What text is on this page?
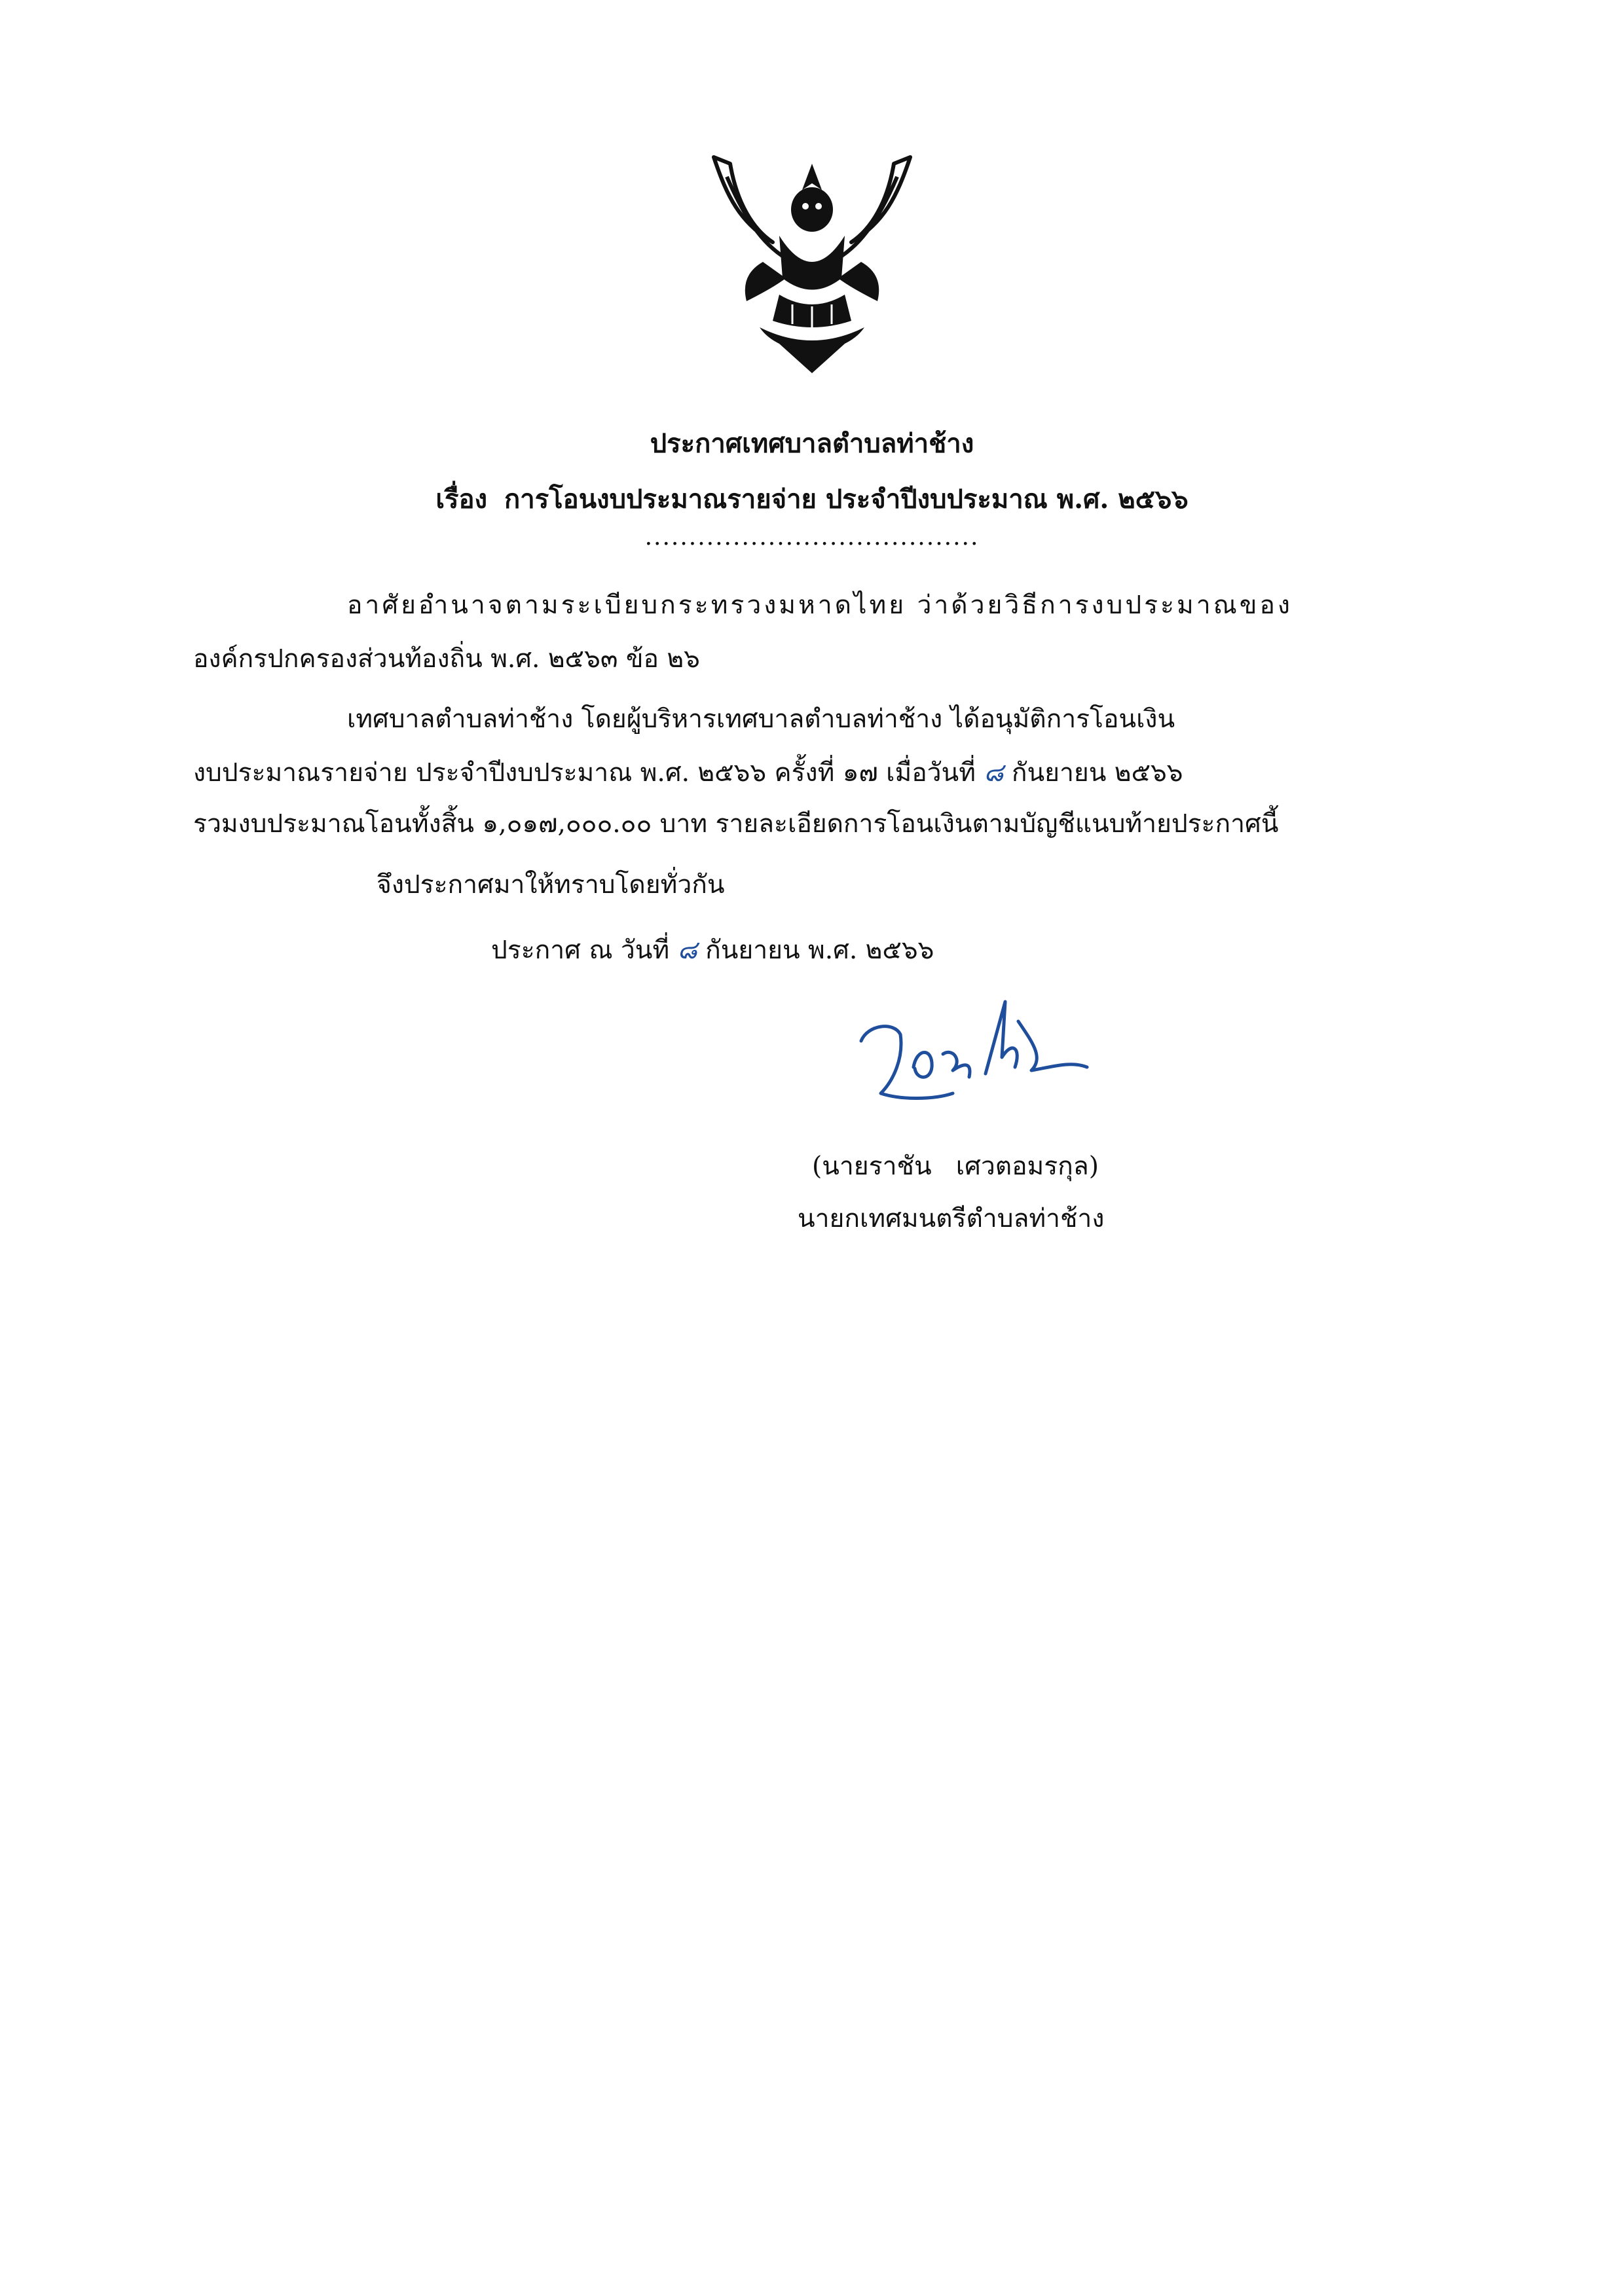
ประกาศเทศบาลตำบลท่าช้าง
เรื่อง การโอนงบประมาณรายจ่าย ประจำปีงบประมาณ พ.ศ. ๒๕๖๖
......................................
อาศัยอำนาจตามระเบียบกระทรวงมหาดไทย ว่าด้วยวิธีการงบประมาณของ
องค์กรปกครองส่วนท้องถิ่น พ.ศ. ๒๕๖๓ ข้อ ๒๖
เทศบาลตำบลท่าช้าง โดยผู้บริหารเทศบาลตำบลท่าช้าง ได้อนุมัติการโอนเงิน
งบประมาณรายจ่าย ประจำปีงบประมาณ พ.ศ. ๒๕๖๖ ครั้งที่ ๑๗ เมื่อวันที่ ๘ กันยายน ๒๕๖๖
รวมงบประมาณโอนทั้งสิ้น ๑,๐๑๗,๐๐๐.๐๐ บาท รายละเอียดการโอนเงินตามบัญชีแนบท้ายประกาศนี้
จึงประกาศมาให้ทราบโดยทั่วกัน
ประกาศ ณ วันที่ ๘ กันยายน พ.ศ. ๒๕๖๖
(นายราชัน   เศวตอมรกุล)
นายกเทศมนตรีตำบลท่าช้าง
